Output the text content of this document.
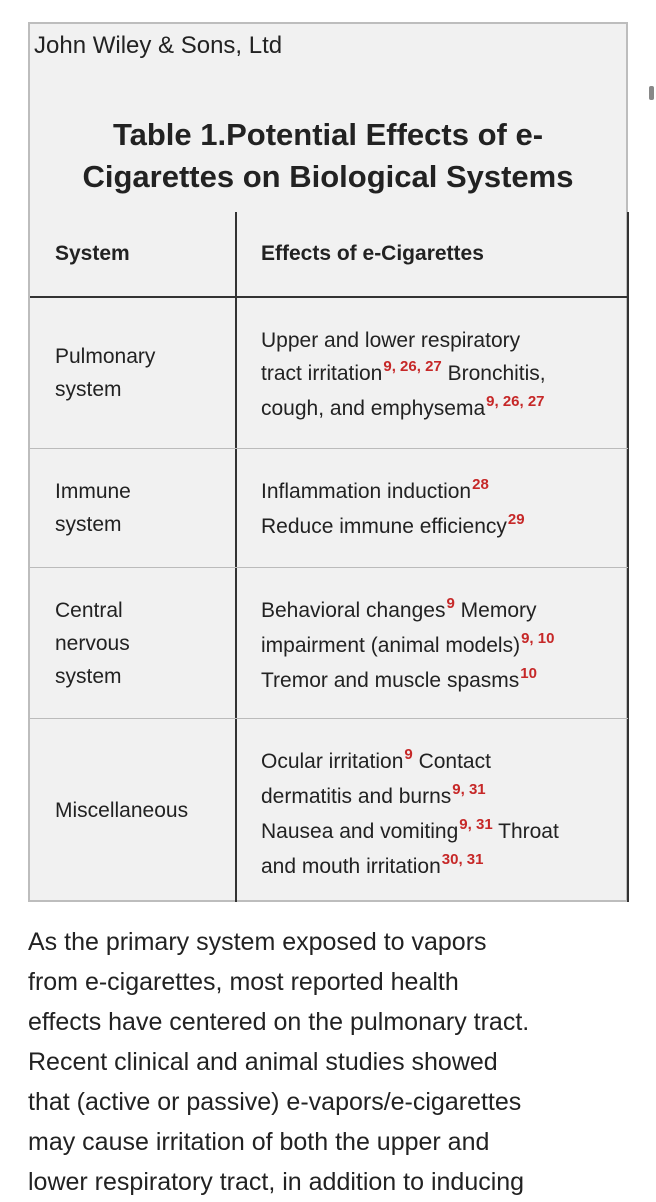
John Wiley & Sons, Ltd
Table 1.Potential Effects of e-
Cigarettes on Biological Systems
System	Effects of e-Cigarettes
Pulmonary
system
Upper and lower respiratory
tract irritation$^{9, 26, 27}$ Bronchitis,
cough, and emphysema$^{9, 26, 27}$
Immune
system
Inflammation induction$^{28}$
Reduce immune efficiency$^{29}$
Central
nervous
system
Behavioral changes$^9$ Memory
impairment (animal models)$^{9, 10}$
Tremor and muscle spasms$^{10}$
Miscellaneous
Ocular irritation$^9$ Contact
dermatitis and burns$^{9, 31}$
Nausea and vomiting$^{9, 31}$ Throat
and mouth irritation$^{30, 31}$
As the primary system exposed to vapors
from e-cigarettes, most reported health
effects have centered on the pulmonary tract.
Recent clinical and animal studies showed
that (active or passive) e-vapors/e-cigarettes
may cause irritation of both the upper and
lower respiratory tract, in addition to inducing
